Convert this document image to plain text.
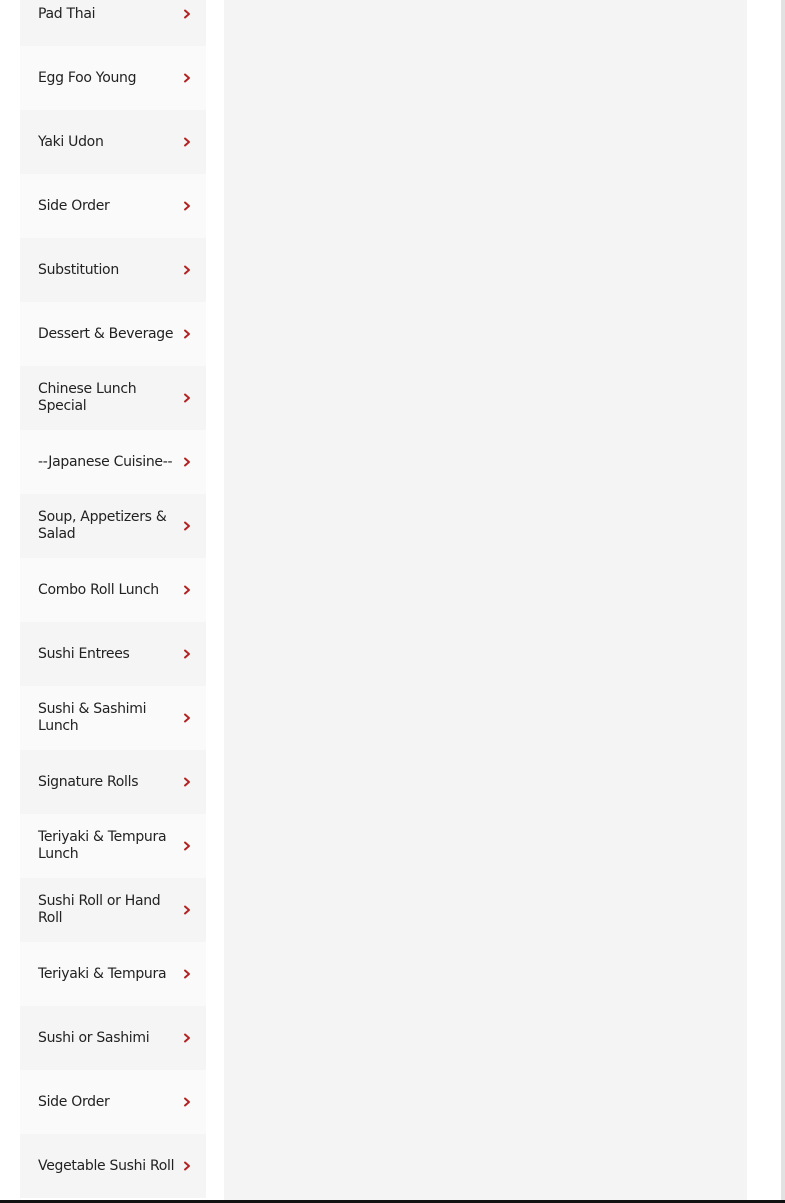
Pad Thai
Egg Foo Young
Yaki Udon
Side Order
Substitution
Dessert & Beverage
Chinese Lunch Special
--Japanese Cuisine--
Soup, Appetizers & Salad
Combo Roll Lunch
Sushi Entrees
Sushi & Sashimi Lunch
Signature Rolls
Teriyaki & Tempura Lunch
Sushi Roll or Hand Roll
Teriyaki & Tempura
Sushi or Sashimi
Side Order
Vegetable Sushi Roll
